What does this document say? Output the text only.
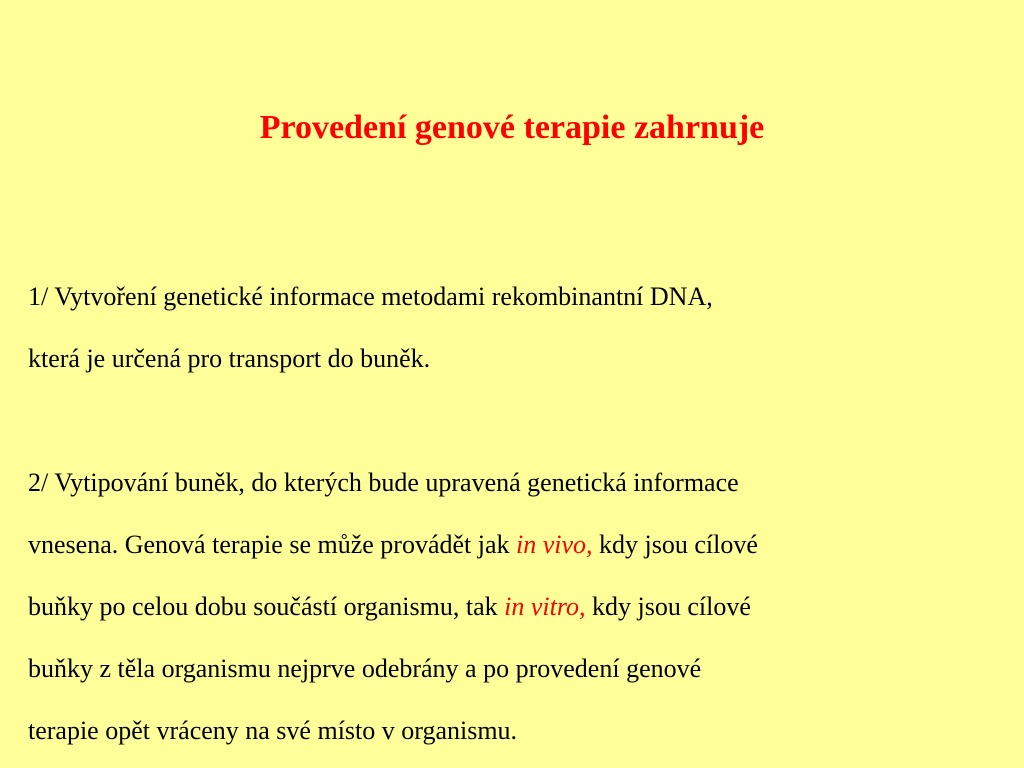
Provedení genové terapie zahrnuje

1/ Vytvoření genetické informace metodami rekombinantní DNA,
která je určená pro transport do buněk.

2/ Vytipování buněk, do kterých bude upravená genetická informace
vnesena. Genová terapie se může provádět jak in vivo, kdy jsou cílové
buňky po celou dobu součástí organismu, tak in vitro, kdy jsou cílové
buňky z těla organismu nejprve odebrány a po provedení genové
terapie opět vráceny na své místo v organismu.
